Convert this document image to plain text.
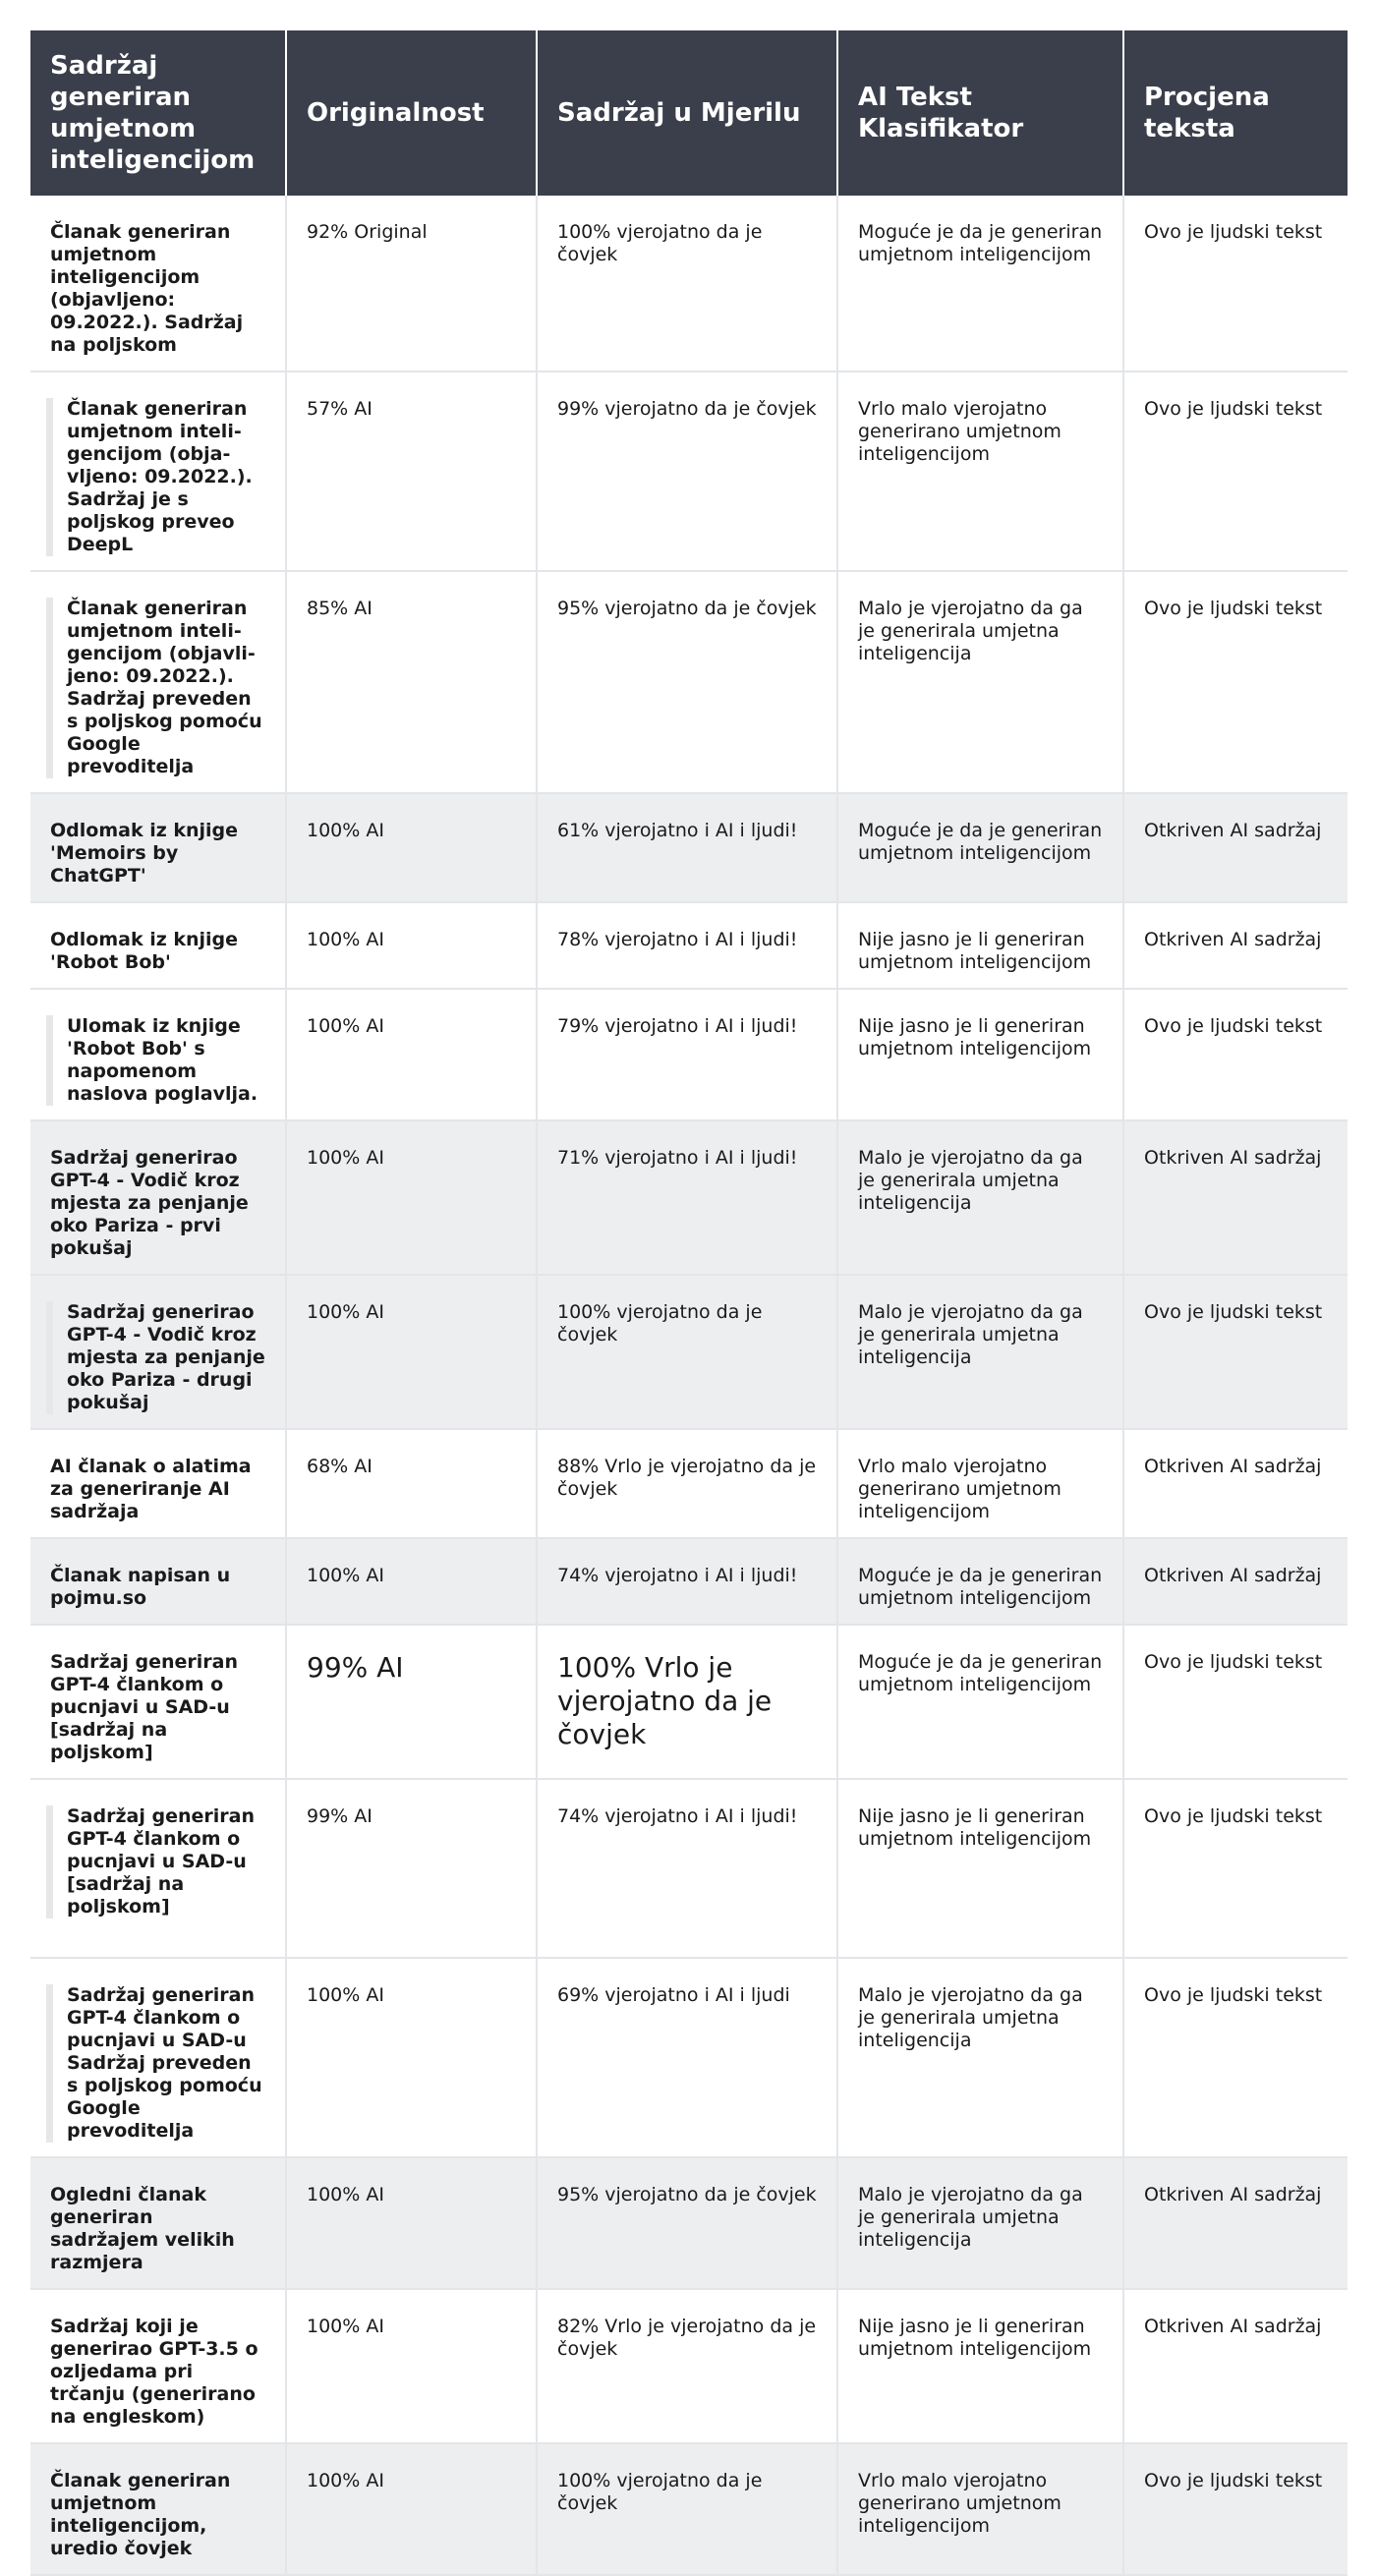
Sadržaj generiran umjetnom inteligencijom	Originalnost	Sadržaj u Mjerilu	AI Tekst Klasifikator	Procjena teksta
Članak generiran umjetnom inteligencijom (objavljeno: 09.2022.). Sadržaj na poljskom	92% Original	100% vjerojatno da je čovjek	Moguće je da je generiran umjetnom inteligencijom	Ovo je ljudski tekst

Članak generiran umjetnom inteli-gencijom (obja-vljeno: 09.2022.). Sadržaj je s poljskog preveo DeepL	57% AI	99% vjerojatno da je čovjek	Vrlo malo vjerojatno generirano umjetnom inteligencijom	Ovo je ljudski tekst

Članak generiran umjetnom inteli-gencijom (objavli-jeno: 09.2022.). Sadržaj preveden s poljskog pomoću Google prevoditelja	85% AI	95% vjerojatno da je čovjek	Malo je vjerojatno da ga je generirala umjetna inteligencija	Ovo je ljudski tekst
Odlomak iz knjige 'Memoirs by ChatGPT'	100% AI	61% vjerojatno i AI i ljudi!	Moguće je da je generiran umjetnom inteligencijom	Otkriven AI sadržaj
Odlomak iz knjige 'Robot Bob'	100% AI	78% vjerojatno i AI i ljudi!	Nije jasno je li generiran umjetnom inteligencijom	Otkriven AI sadržaj

Ulomak iz knjige 'Robot Bob' s napomenom naslova poglavlja.	100% AI	79% vjerojatno i AI i ljudi!	Nije jasno je li generiran umjetnom inteligencijom	Ovo je ljudski tekst
Sadržaj generirao GPT-4 - Vodič kroz mjesta za penjanje oko Pariza - prvi pokušaj	100% AI	71% vjerojatno i AI i ljudi!	Malo je vjerojatno da ga je generirala umjetna inteligencija	Otkriven AI sadržaj

Sadržaj generirao GPT-4 - Vodič kroz mjesta za penjanje oko Pariza - drugi pokušaj	100% AI	100% vjerojatno da je čovjek	Malo je vjerojatno da ga je generirala umjetna inteligencija	Ovo je ljudski tekst
AI članak o alatima za generiranje AI sadržaja	68% AI	88% Vrlo je vjerojatno da je čovjek	Vrlo malo vjerojatno generirano umjetnom inteligencijom	Otkriven AI sadržaj
Članak napisan u pojmu.so	100% AI	74% vjerojatno i AI i ljudi!	Moguće je da je generiran umjetnom inteligencijom	Otkriven AI sadržaj
Sadržaj generiran GPT-4 člankom o pucnjavi u SAD-u [sadržaj na poljskom]	99% AI	100% Vrlo je vjerojatno da je čovjek	Moguće je da je generiran umjetnom inteligencijom	Ovo je ljudski tekst

Sadržaj generiran GPT-4 člankom o pucnjavi u SAD-u [sadržaj na poljskom]	99% AI	74% vjerojatno i AI i ljudi!	Nije jasno je li generiran umjetnom inteligencijom	Ovo je ljudski tekst

Sadržaj generiran GPT-4 člankom o pucnjavi u SAD-u Sadržaj preveden s poljskog pomoću Google prevoditelja	100% AI	69% vjerojatno i AI i ljudi	Malo je vjerojatno da ga je generirala umjetna inteligencija	Ovo je ljudski tekst
Ogledni članak generiran sadržajem velikih razmjera	100% AI	95% vjerojatno da je čovjek	Malo je vjerojatno da ga je generirala umjetna inteligencija	Otkriven AI sadržaj
Sadržaj koji je generirao GPT-3.5 o ozljedama pri trčanju (generirano na engleskom)	100% AI	82% Vrlo je vjerojatno da je čovjek	Nije jasno je li generiran umjetnom inteligencijom	Otkriven AI sadržaj
Članak generiran umjetnom inteligencijom, uredio čovjek	100% AI	100% vjerojatno da je čovjek	Vrlo malo vjerojatno generirano umjetnom inteligencijom	Ovo je ljudski tekst
